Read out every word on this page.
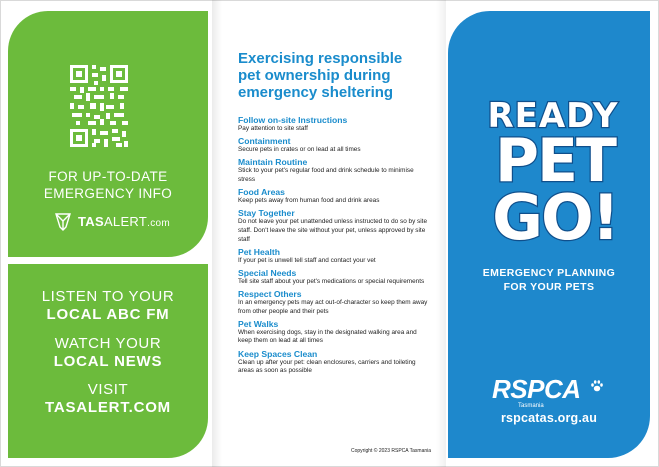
FOR UP-TO-DATE
EMERGENCY INFO
TASALERT.com
LISTEN TO YOUR
LOCAL ABC FM
WATCH YOUR
LOCAL NEWS
VISIT
TASALERT.COM
Exercising responsible
pet ownership during
emergency sheltering
Follow on-site Instructions
Pay attention to site staff
Containment
Secure pets in crates or on lead at all times
Maintain Routine
Stick to your pet's regular food and drink schedule to minimise stress
Food Areas
Keep pets away from human food and drink areas
Stay Together
Do not leave your pet unattended unless instructed to do so by site staff. Don't leave the site without your pet, unless approved by site staff
Pet Health
If your pet is unwell tell staff and contact your vet
Special Needs
Tell site staff about your pet's medications or special requirements
Respect Others
In an emergency pets may act out-of-character so keep them away from other people and their pets
Pet Walks
When exercising dogs, stay in the designated walking area and keep them on lead at all times
Keep Spaces Clean
Clean up after your pet: clean enclosures, carriers and toileting areas as soon as possible
Copyright © 2023 RSPCA Tasmania
READY
PET
GO!
EMERGENCY PLANNING
FOR YOUR PETS
RSPCA
Tasmania
rspcatas.org.au
